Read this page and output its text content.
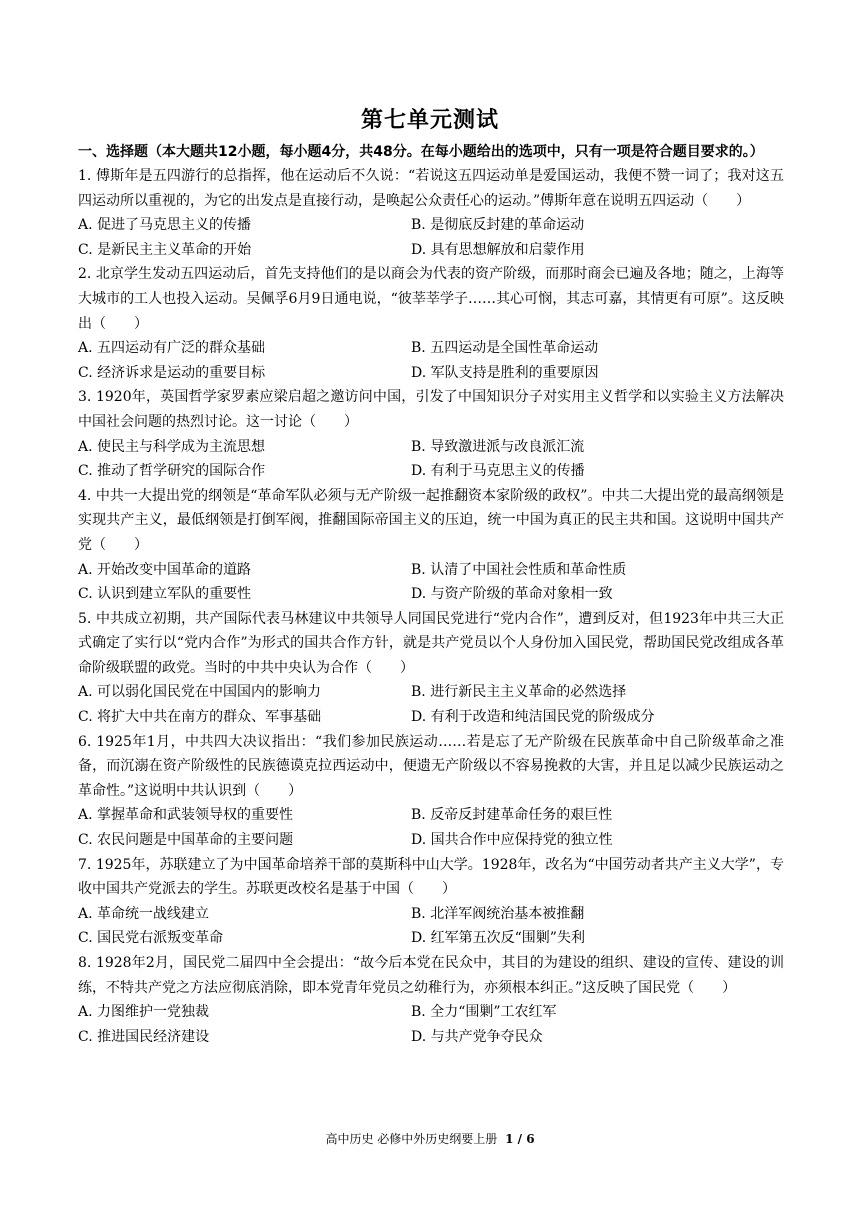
第七单元测试
一、选择题（本大题共12小题，每小题4分，共48分。在每小题给出的选项中，只有一项是符合题目要求的。）
1. 傅斯年是五四游行的总指挥，他在运动后不久说：“若说这五四运动单是爱国运动，我便不赞一词了；我对这五四运动所以重视的，为它的出发点是直接行动，是唤起公众责任心的运动。”傅斯年意在说明五四运动（　　）
A. 促进了马克思主义的传播	B. 是彻底反封建的革命运动
C. 是新民主主义革命的开始	D. 具有思想解放和启蒙作用
2. 北京学生发动五四运动后，首先支持他们的是以商会为代表的资产阶级，而那时商会已遍及各地；随之，上海等大城市的工人也投入运动。吴佩孚6月9日通电说，“彼莘莘学子……其心可悯，其志可嘉，其情更有可原”。这反映出（　　）
A. 五四运动有广泛的群众基础	B. 五四运动是全国性革命运动
C. 经济诉求是运动的重要目标	D. 军队支持是胜利的重要原因
3. 1920年，英国哲学家罗素应梁启超之邀访问中国，引发了中国知识分子对实用主义哲学和以实验主义方法解决中国社会问题的热烈讨论。这一讨论（　　）
A. 使民主与科学成为主流思想	B. 导致激进派与改良派汇流
C. 推动了哲学研究的国际合作	D. 有利于马克思主义的传播
4. 中共一大提出党的纲领是“革命军队必须与无产阶级一起推翻资本家阶级的政权”。中共二大提出党的最高纲领是实现共产主义，最低纲领是打倒军阀，推翻国际帝国主义的压迫，统一中国为真正的民主共和国。这说明中国共产党（　　）
A. 开始改变中国革命的道路	B. 认清了中国社会性质和革命性质
C. 认识到建立军队的重要性	D. 与资产阶级的革命对象相一致
5. 中共成立初期，共产国际代表马林建议中共领导人同国民党进行“党内合作”，遭到反对，但1923年中共三大正式确定了实行以“党内合作”为形式的国共合作方针，就是共产党员以个人身份加入国民党，帮助国民党改组成各革命阶级联盟的政党。当时的中共中央认为合作（　　）
A. 可以弱化国民党在中国国内的影响力	B. 进行新民主主义革命的必然选择
C. 将扩大中共在南方的群众、军事基础	D. 有利于改造和纯洁国民党的阶级成分
6. 1925年1月，中共四大决议指出：“我们参加民族运动……若是忘了无产阶级在民族革命中自己阶级革命之准备，而沉溺在资产阶级性的民族德谟克拉西运动中，便遗无产阶级以不容易挽救的大害，并且足以减少民族运动之革命性。”这说明中共认识到（　　）
A. 掌握革命和武装领导权的重要性	B. 反帝反封建革命任务的艰巨性
C. 农民问题是中国革命的主要问题	D. 国共合作中应保持党的独立性
7. 1925年，苏联建立了为中国革命培养干部的莫斯科中山大学。1928年，改名为“中国劳动者共产主义大学”，专收中国共产党派去的学生。苏联更改校名是基于中国（　　）
A. 革命统一战线建立	B. 北洋军阀统治基本被推翻
C. 国民党右派叛变革命	D. 红军第五次反“围剿”失利
8. 1928年2月，国民党二届四中全会提出：“故今后本党在民众中，其目的为建设的组织、建设的宣传、建设的训练，不特共产党之方法应彻底消除，即本党青年党员之幼稚行为，亦须根本纠正。”这反映了国民党（　　）
A. 力图维护一党独裁	B. 全力“围剿”工农红军
C. 推进国民经济建设	D. 与共产党争夺民众
高中历史 必修中外历史纲要上册 1 / 6
